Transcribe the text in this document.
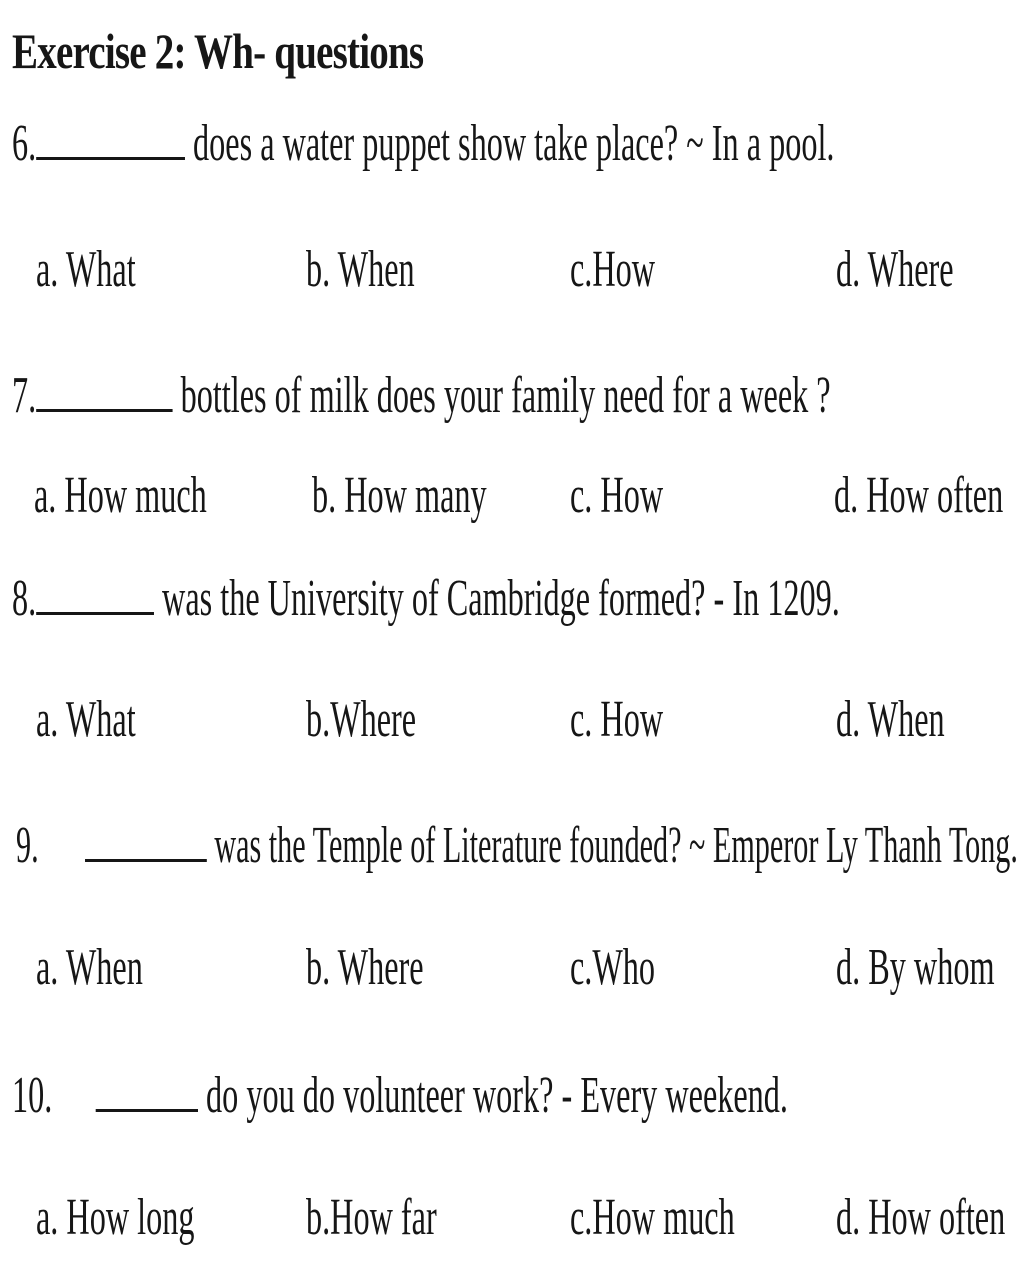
Exercise 2: Wh- questions
6.	does a water puppet show take place? ~ In a pool.
a. What	b. When	c.How	d. Where
7.	bottles of milk does your family need for a week ?
a. How much b. How many c. How	d. How often
8. was the University of Cambridge formed? - In 1209.
a. What	b.Where	c. How	d. When
9.	was the Temple of Literature founded? ~ Emperor Ly Thanh Tong.
a. When	b. Where	c.Who	d. By whom
10.	do you do volunteer work? - Every weekend.
a. How long b.How far	c.How much d. How often
